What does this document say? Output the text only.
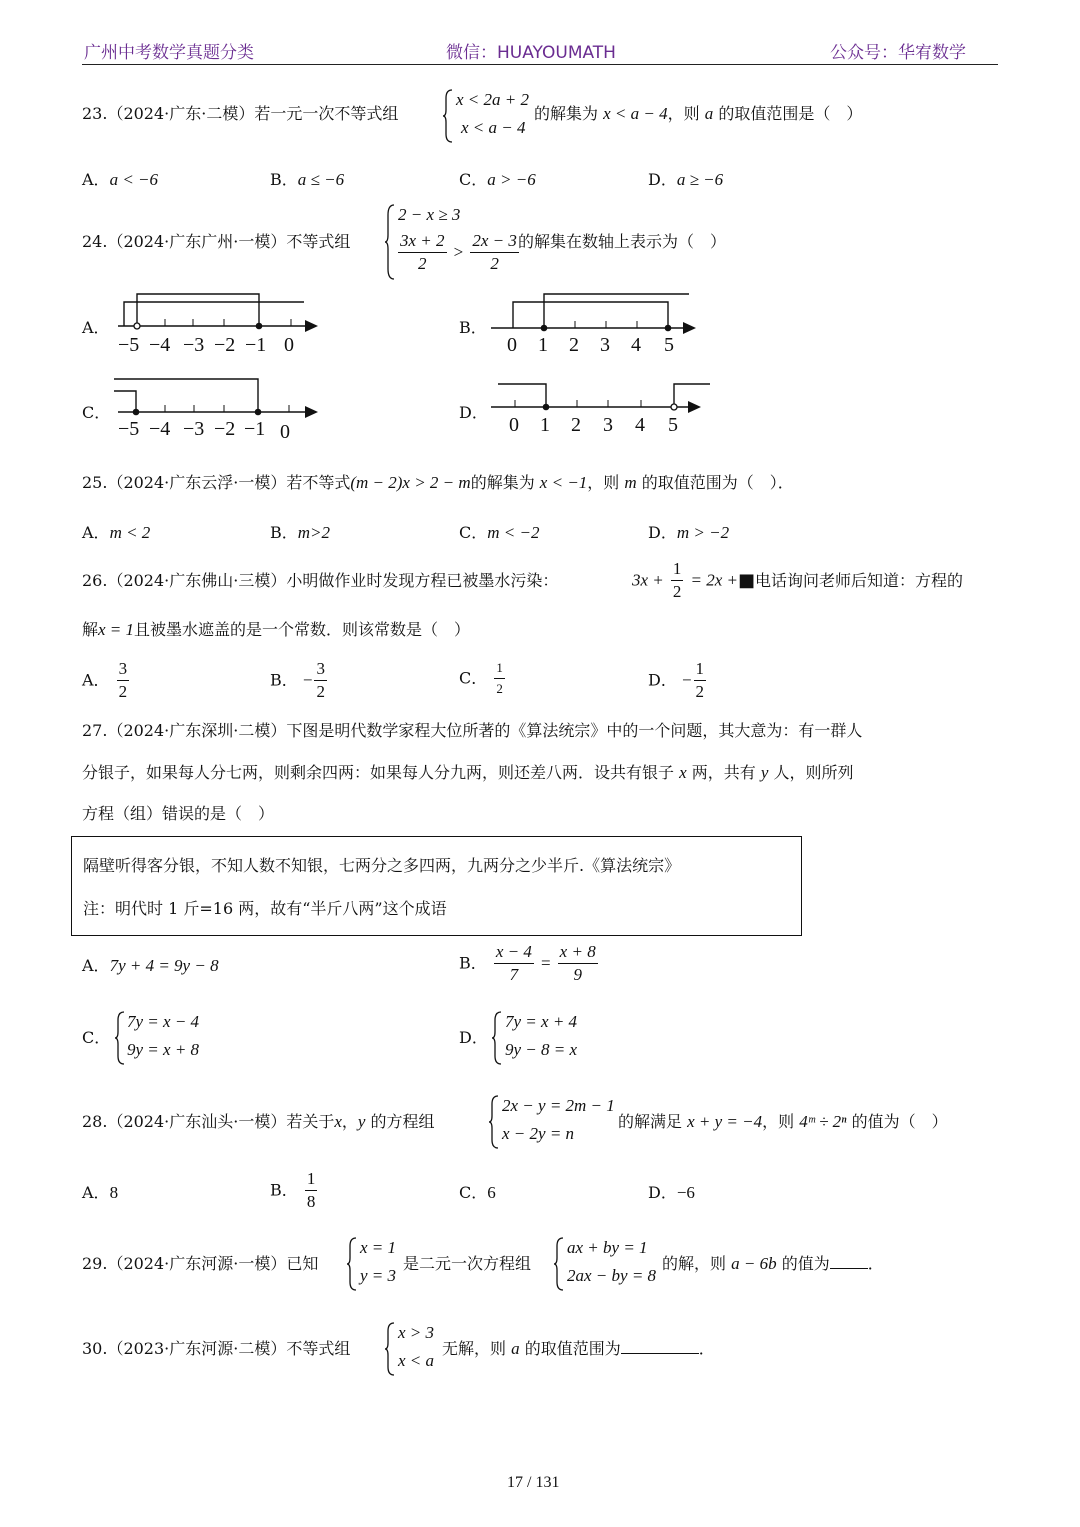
广州中考数学真题分类	微信：HUAYOUMATH	公众号：华宥数学
23.（2024·广东·二模）若一元一次不等式组
x < 2a + 2
x < a − 4
的解集为 x < a − 4，则 a 的取值范围是（　）
A．a < −6	B．a ≤ −6	C．a > −6	D．a ≥ −6
24.（2024·广东广州·一模）不等式组
2 − x ≥ 3
$\frac{3x + 2}{2} > \frac{2x - 3}{2}$ 的解集在数轴上表示为（　）
A．
−5 −4 −3 −2 −1 0
B．
0 1 2 3 4 5
C．
−5 −4 −3 −2 −1 0
D．
0 1 2 3 4 5
25.（2024·广东云浮·一模）若不等式(m − 2)x > 2 − m的解集为 x < −1，则 m 的取值范围为（　）．
A．m < 2	B．m>2	C．m < −2	D．m > −2
26.（2024·广东佛山·三模）小明做作业时发现方程已被墨水污染：	$3x + \frac{1}{2} = 2x$ +■ 电话询问老师后知道：方程的
解x = 1且被墨水遮盖的是一个常数．则该常数是（　）
A． $\frac{3}{2}$	B． − $\frac{3}{2}$	C． $\frac{1}{2}$	D． − $\frac{1}{2}$
27.（2024·广东深圳·二模）下图是明代数学家程大位所著的《算法统宗》中的一个问题，其大意为：有一群人
分银子，如果每人分七两，则剩余四两：如果每人分九两，则还差八两．设共有银子 x 两，共有 y 人，则所列
方程（组）错误的是（　）
隔壁听得客分银，不知人数不知银，七两分之多四两，九两分之少半斤.《算法统宗》
注：明代时 1 斤=16 两，故有“半斤八两”这个成语
A．7y + 4 = 9y − 8	B． $\frac{x - 4}{7} = \frac{x + 8}{9}$
C．
7y = x − 4
9y = x + 8
D．
7y = x + 4
9y − 8 = x
28.（2024·广东汕头·一模）若关于x，y 的方程组
2x − y = 2m − 1
x − 2y = n
的解满足 x + y = −4，则 4ᵐ ÷ 2ⁿ 的值为（　）
A．8	B． $\frac{1}{8}$	C．6	D．−6
29.（2024·广东河源·一模）已知
x = 1
y = 3
是二元一次方程组
ax + by = 1
2ax − by = 8
的解，则 a − 6b 的值为 ．
30.（2023·广东河源·二模）不等式组
x > 3
x < a
无解，则 a 的取值范围为	．
17 / 131
